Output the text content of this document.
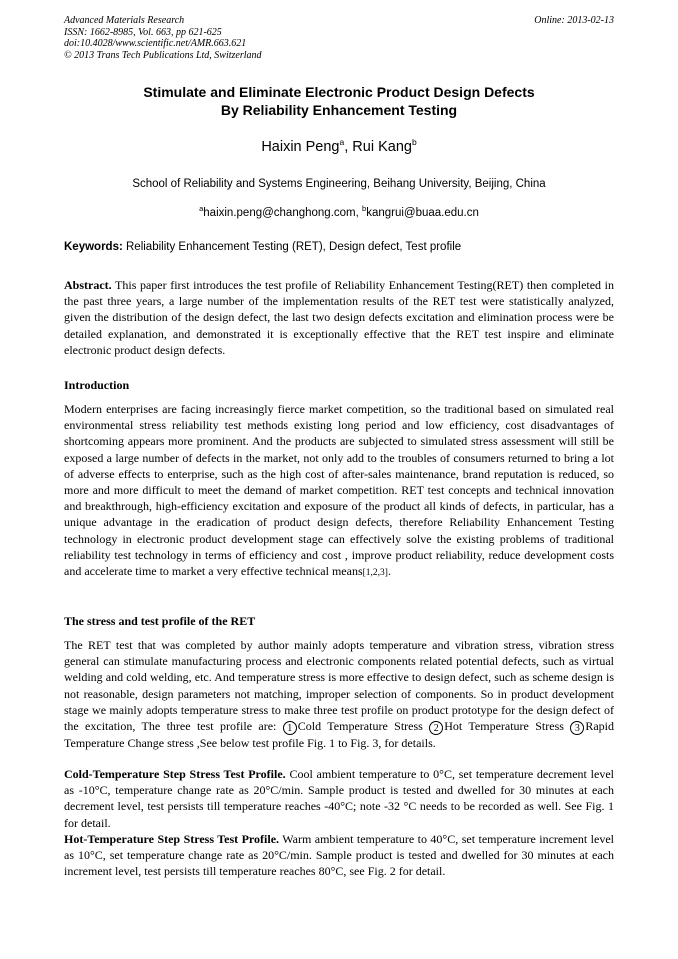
Advanced Materials Research
ISSN: 1662-8985, Vol. 663, pp 621-625
doi:10.4028/www.scientific.net/AMR.663.621
© 2013 Trans Tech Publications Ltd, Switzerland
Online: 2013-02-13
Stimulate and Eliminate Electronic Product Design Defects
By Reliability Enhancement Testing
Haixin Peng$^a$, Rui Kang$^b$
School of Reliability and Systems Engineering, Beihang University, Beijing, China
$^a$haixin.peng@changhong.com, $^b$kangrui@buaa.edu.cn
Keywords: Reliability Enhancement Testing (RET), Design defect, Test profile
Abstract. This paper first introduces the test profile of Reliability Enhancement Testing(RET) then completed in the past three years, a large number of the implementation results of the RET test were statistically analyzed, given the distribution of the design defect, the last two design defects excitation and elimination process were be detailed explanation, and demonstrated it is exceptionally effective that the RET test inspire and eliminate electronic product design defects.
Introduction
Modern enterprises are facing increasingly fierce market competition, so the traditional based on simulated real environmental stress reliability test methods existing long period and low efficiency, cost disadvantages of shortcoming appears more prominent. And the products are subjected to simulated stress assessment will still be exposed a large number of defects in the market, not only add to the troubles of consumers returned to bring a lot of adverse effects to enterprise, such as the high cost of after-sales maintenance, brand reputation is reduced, so more and more difficult to meet the demand of market competition. RET test concepts and technical innovation and breakthrough, high-efficiency excitation and exposure of the product all kinds of defects, in particular, has a unique advantage in the eradication of product design defects, therefore Reliability Enhancement Testing technology in electronic product development stage can effectively solve the existing problems of traditional reliability test technology in terms of efficiency and cost , improve product reliability, reduce development costs and accelerate time to market a very effective technical means[1,2,3].
The stress and test profile of the RET
The RET test that was completed by author mainly adopts temperature and vibration stress, vibration stress general can stimulate manufacturing process and electronic components related potential defects, such as virtual welding and cold welding, etc. And temperature stress is more effective to design defect, such as scheme design is not reasonable, design parameters not matching, improper selection of components. So in product development stage we mainly adopts temperature stress to make three test profile on product prototype for the design defect of the excitation, The three test profile are: 1 Cold Temperature Stress 2 Hot Temperature Stress 3 Rapid Temperature Change stress ,See below test profile Fig. 1 to Fig. 3, for details.
Cold-Temperature Step Stress Test Profile. Cool ambient temperature to 0°C, set temperature decrement level as -10°C, temperature change rate as 20°C/min. Sample product is tested and dwelled for 30 minutes at each decrement level, test persists till temperature reaches -40°C; note -32 °C needs to be recorded as well. See Fig. 1 for detail.
Hot-Temperature Step Stress Test Profile. Warm ambient temperature to 40°C, set temperature increment level as 10°C, set temperature change rate as 20°C/min. Sample product is tested and dwelled for 30 minutes at each increment level, test persists till temperature reaches 80°C, see Fig. 2 for detail.
